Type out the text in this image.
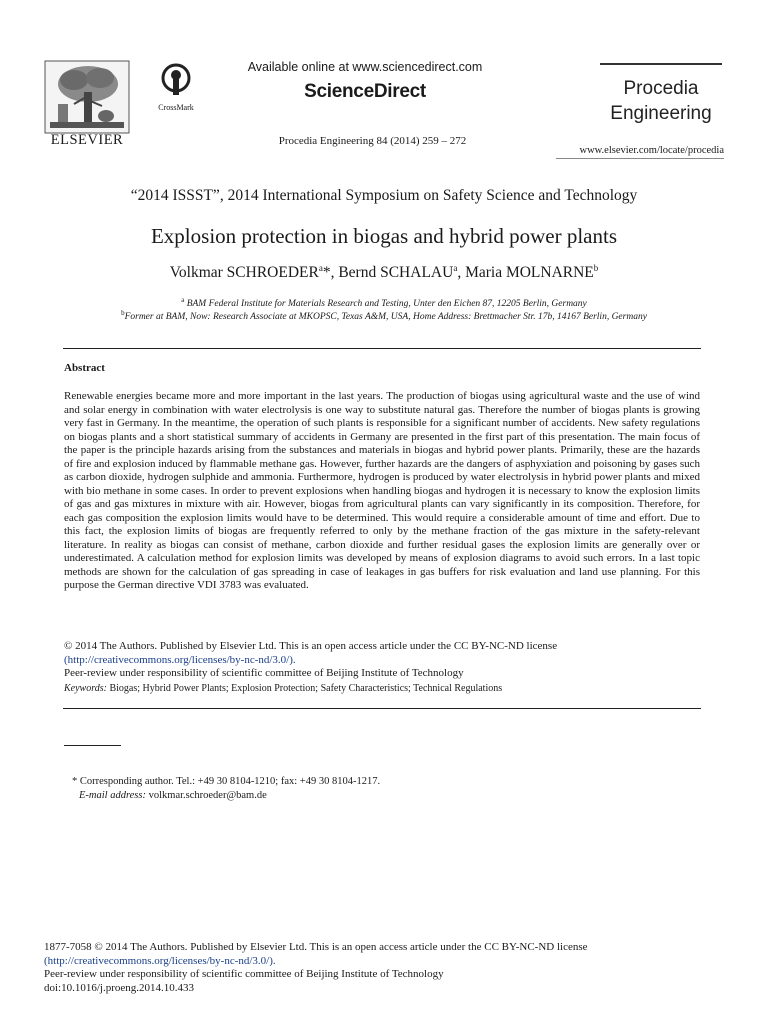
ELSEVIER
CrossMark
Available online at www.sciencedirect.com
ScienceDirect
Procedia Engineering 84 (2014) 259 – 272
Procedia
Engineering
www.elsevier.com/locate/procedia
“2014 ISSST”, 2014 International Symposium on Safety Science and Technology
Explosion protection in biogas and hybrid power plants
Volkmar SCHROEDER$^a$*, Bernd SCHALAU$^a$, Maria MOLNARNE$^b$
$^a$ BAM Federal Institute for Materials Research and Testing, Unter den Eichen 87, 12205 Berlin, Germany
$^b$Former at BAM, Now: Research Associate at MKOPSC, Texas A&M, USA, Home Address: Brettmacher Str. 17b, 14167 Berlin, Germany
Abstract
Renewable energies became more and more important in the last years. The production of biogas using agricultural waste and the use of wind and solar energy in combination with water electrolysis is one way to substitute natural gas. Therefore the number of biogas plants is growing very fast in Germany. In the meantime, the operation of such plants is responsible for a significant number of accidents. New safety regulations on biogas plants and a short statistical summary of accidents in Germany are presented in the first part of this presentation. The main focus of the paper is the principle hazards arising from the substances and materials in biogas and hybrid power plants. Primarily, these are the hazards of fire and explosion induced by flammable methane gas. However, further hazards are the dangers of asphyxiation and poisoning by gases such as carbon dioxide, hydrogen sulphide and ammonia. Furthermore, hydrogen is produced by water electrolysis in hybrid power plants and mixed with bio methane in some cases. In order to prevent explosions when handling biogas and hydrogen it is necessary to know the explosion limits of gas and gas mixtures in mixture with air. However, biogas from agricultural plants can vary significantly in its composition. Therefore, for each gas composition the explosion limits would have to be determined. This would require a considerable amount of time and effort. Due to this fact, the explosion limits of biogas are frequently referred to only by the methane fraction of the gas mixture in the safety-relevant literature. In reality as biogas can consist of methane, carbon dioxide and further residual gases the explosion limits are generally over or underestimated. A calculation method for explosion limits was developed by means of explosion diagrams to avoid such errors. In a last topic methods are shown for the calculation of gas spreading in case of leakages in gas buffers for risk evaluation and land use planning. For this purpose the German directive VDI 3783 was evaluated.
© 2014 The Authors. Published by Elsevier Ltd. This is an open access article under the CC BY-NC-ND license
(http://creativecommons.org/licenses/by-nc-nd/3.0/).
Peer-review under responsibility of scientific committee of Beijing Institute of Technology
Keywords: Biogas; Hybrid Power Plants; Explosion Protection; Safety Characteristics; Technical Regulations
* Corresponding author. Tel.: +49 30 8104-1210; fax: +49 30 8104-1217.
E-mail address: volkmar.schroeder@bam.de
1877-7058 © 2014 The Authors. Published by Elsevier Ltd. This is an open access article under the CC BY-NC-ND license
(http://creativecommons.org/licenses/by-nc-nd/3.0/).
Peer-review under responsibility of scientific committee of Beijing Institute of Technology
doi:10.1016/j.proeng.2014.10.433
